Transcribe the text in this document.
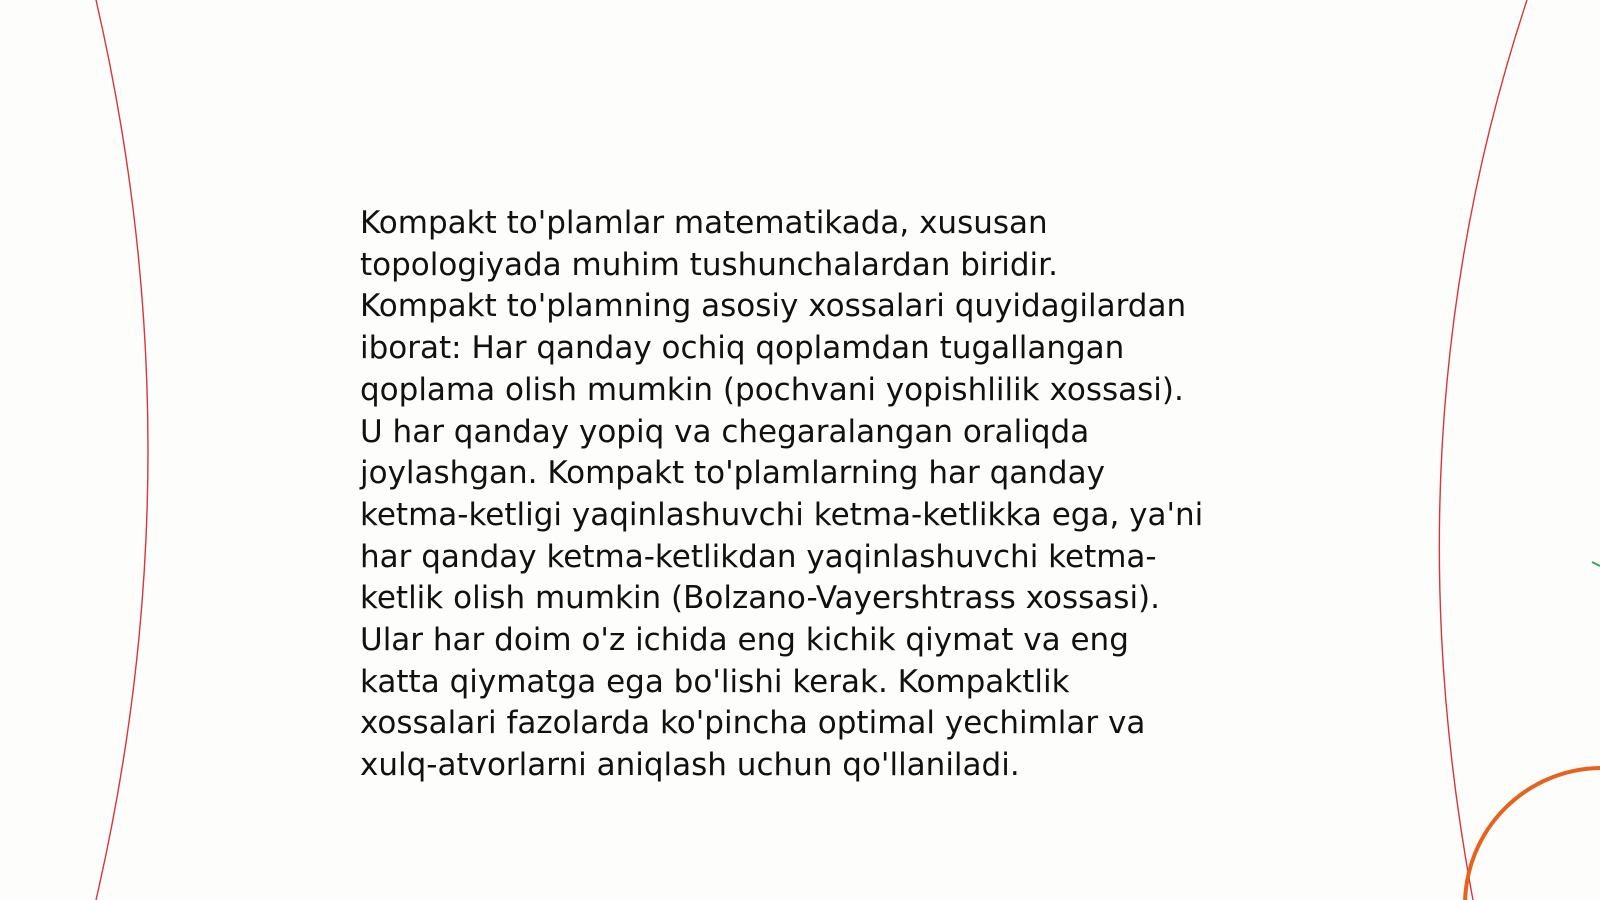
Kompakt to'plamlar matematikada, xususan
topologiyada muhim tushunchalardan biridir.
Kompakt to'plamning asosiy xossalari quyidagilardan
iborat: Har qanday ochiq qoplamdan tugallangan
qoplama olish mumkin (pochvani yopishlilik xossasi).
U har qanday yopiq va chegaralangan oraliqda
joylashgan. Kompakt to'plamlarning har qanday
ketma-ketligi yaqinlashuvchi ketma-ketlikka ega, ya'ni
har qanday ketma-ketlikdan yaqinlashuvchi ketma-
ketlik olish mumkin (Bolzano-Vayershtrass xossasi).
Ular har doim o'z ichida eng kichik qiymat va eng
katta qiymatga ega bo'lishi kerak. Kompaktlik
xossalari fazolarda ko'pincha optimal yechimlar va
xulq-atvorlarni aniqlash uchun qo'llaniladi.
